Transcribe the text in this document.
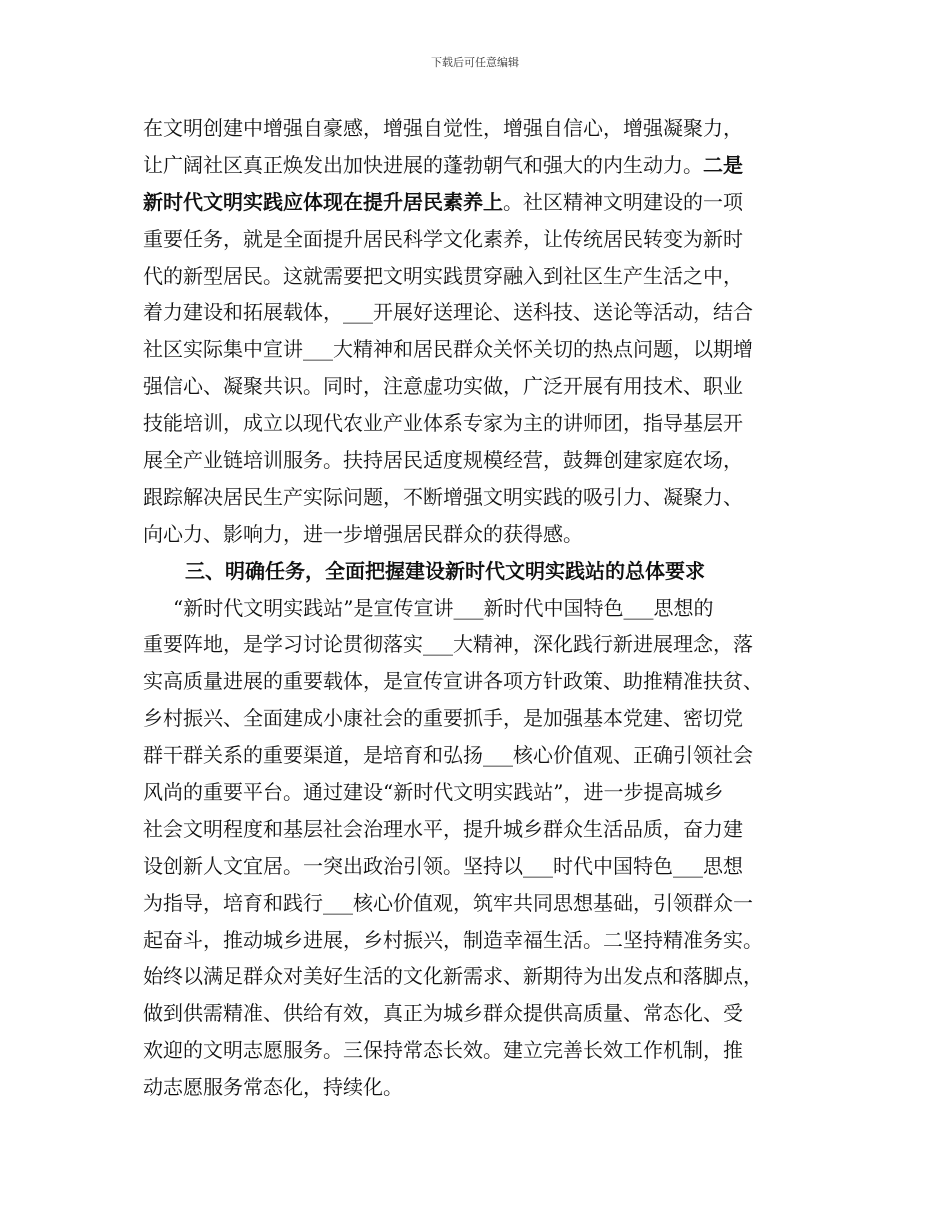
下载后可任意编辑
在文明创建中增强自豪感，增强自觉性，增强自信心，增强凝聚力，
让广阔社区真正焕发出加快进展的蓬勃朝气和强大的内生动力。二是
新时代文明实践应体现在提升居民素养上。社区精神文明建设的一项
重要任务，就是全面提升居民科学文化素养，让传统居民转变为新时
代的新型居民。这就需要把文明实践贯穿融入到社区生产生活之中，
着力建设和拓展载体，___开展好送理论、送科技、送论等活动，结合
社区实际集中宣讲___大精神和居民群众关怀关切的热点问题，以期增
强信心、凝聚共识。同时，注意虚功实做，广泛开展有用技术、职业
技能培训，成立以现代农业产业体系专家为主的讲师团，指导基层开
展全产业链培训服务。扶持居民适度规模经营，鼓舞创建家庭农场，
跟踪解决居民生产实际问题，不断增强文明实践的吸引力、凝聚力、
向心力、影响力，进一步增强居民群众的获得感。
三、明确任务，全面把握建设新时代文明实践站的总体要求
“新时代文明实践站”是宣传宣讲___新时代中国特色___思想的
重要阵地，是学习讨论贯彻落实___大精神，深化践行新进展理念，落
实高质量进展的重要载体，是宣传宣讲各项方针政策、助推精准扶贫、
乡村振兴、全面建成小康社会的重要抓手，是加强基本党建、密切党
群干群关系的重要渠道，是培育和弘扬___核心价值观、正确引领社会
风尚的重要平台。通过建设“新时代文明实践站”，进一步提高城乡
社会文明程度和基层社会治理水平，提升城乡群众生活品质，奋力建
设创新人文宜居。一突出政治引领。坚持以___时代中国特色___思想
为指导，培育和践行___核心价值观，筑牢共同思想基础，引领群众一
起奋斗，推动城乡进展，乡村振兴，制造幸福生活。二坚持精准务实。
始终以满足群众对美好生活的文化新需求、新期待为出发点和落脚点，
做到供需精准、供给有效，真正为城乡群众提供高质量、常态化、受
欢迎的文明志愿服务。三保持常态长效。建立完善长效工作机制，推
动志愿服务常态化，持续化。
